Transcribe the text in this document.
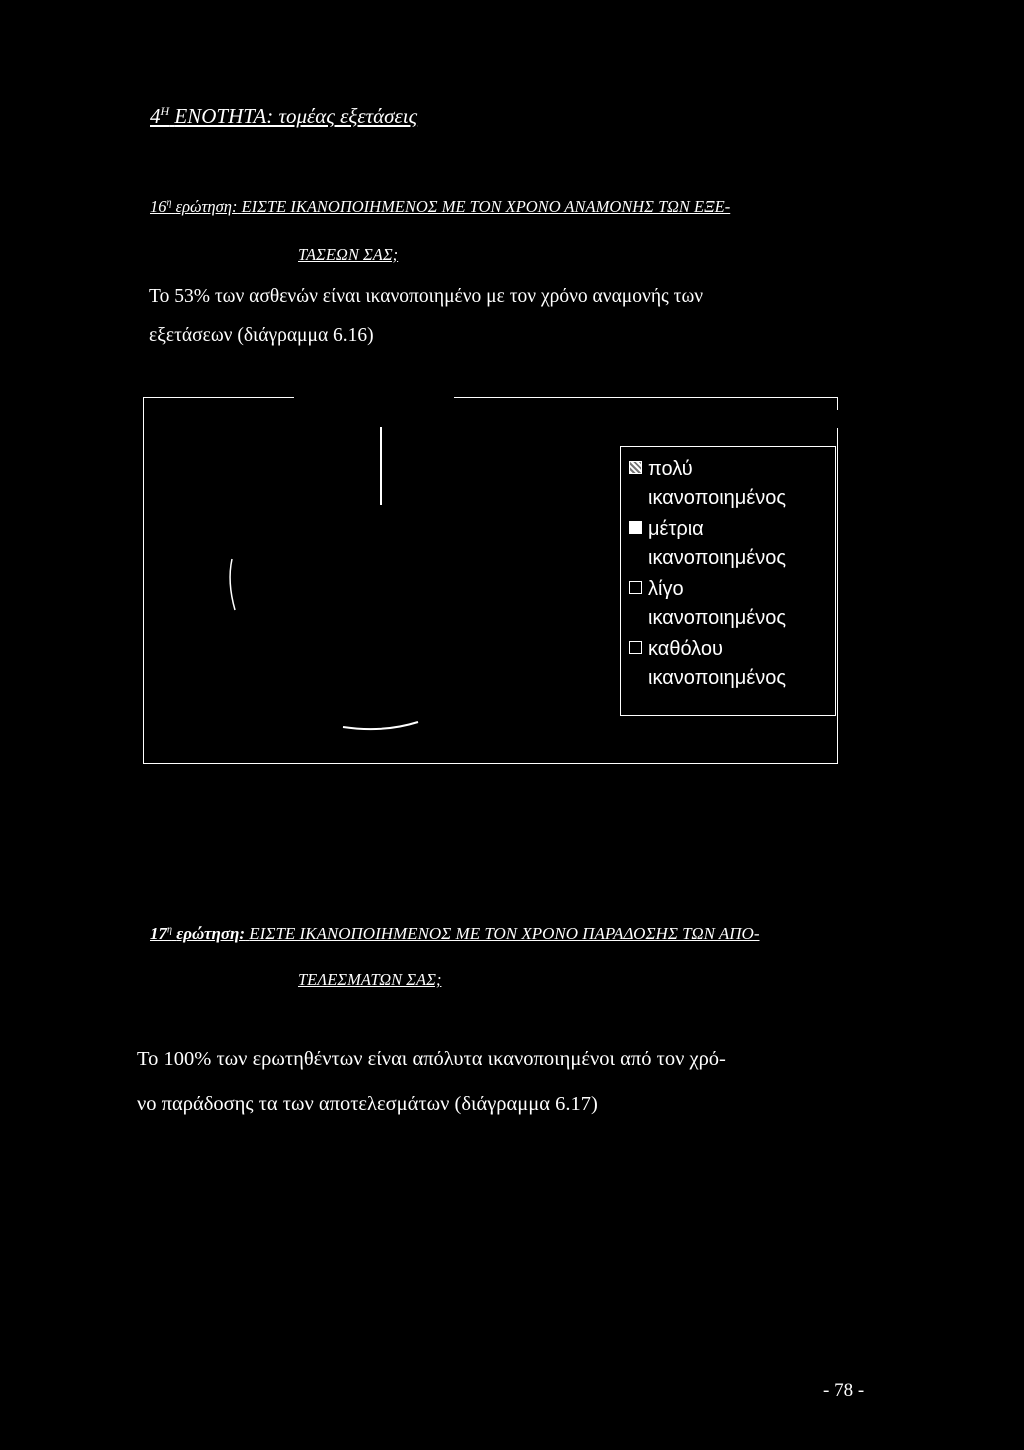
$4^H$ ΕΝΟΤΗΤΑ: τομέας εξετάσεις
$16^\eta$ ερώτηση: ΕΙΣΤΕ ΙΚΑΝΟΠΟΙΗΜΕΝΟΣ ΜΕ ΤΟΝ ΧΡΟΝΟ ΑΝΑΜΟΝΗΣ ΤΩΝ ΕΞΕ-
ΤΑΣΕΩΝ ΣΑΣ;
Το 53% των ασθενών είναι ικανοποιημένο με τον χρόνο αναμονής των
εξετάσεων (διάγραμμα 6.16)
πολύ
ικανοποιημένος
μέτρια
ικανοποιημένος
λίγο
ικανοποιημένος
καθόλου
ικανοποιημένος
$17^\eta$ ερώτηση: ΕΙΣΤΕ ΙΚΑΝΟΠΟΙΗΜΕΝΟΣ ΜΕ ΤΟΝ ΧΡΟΝΟ ΠΑΡΑΔΟΣΗΣ ΤΩΝ ΑΠΟ-
ΤΕΛΕΣΜΑΤΩΝ ΣΑΣ;
Το 100% των ερωτηθέντων είναι απόλυτα ικανοποιημένοι από τον χρό-
νο παράδοσης τα των αποτελεσμάτων (διάγραμμα 6.17)
- 78 -
